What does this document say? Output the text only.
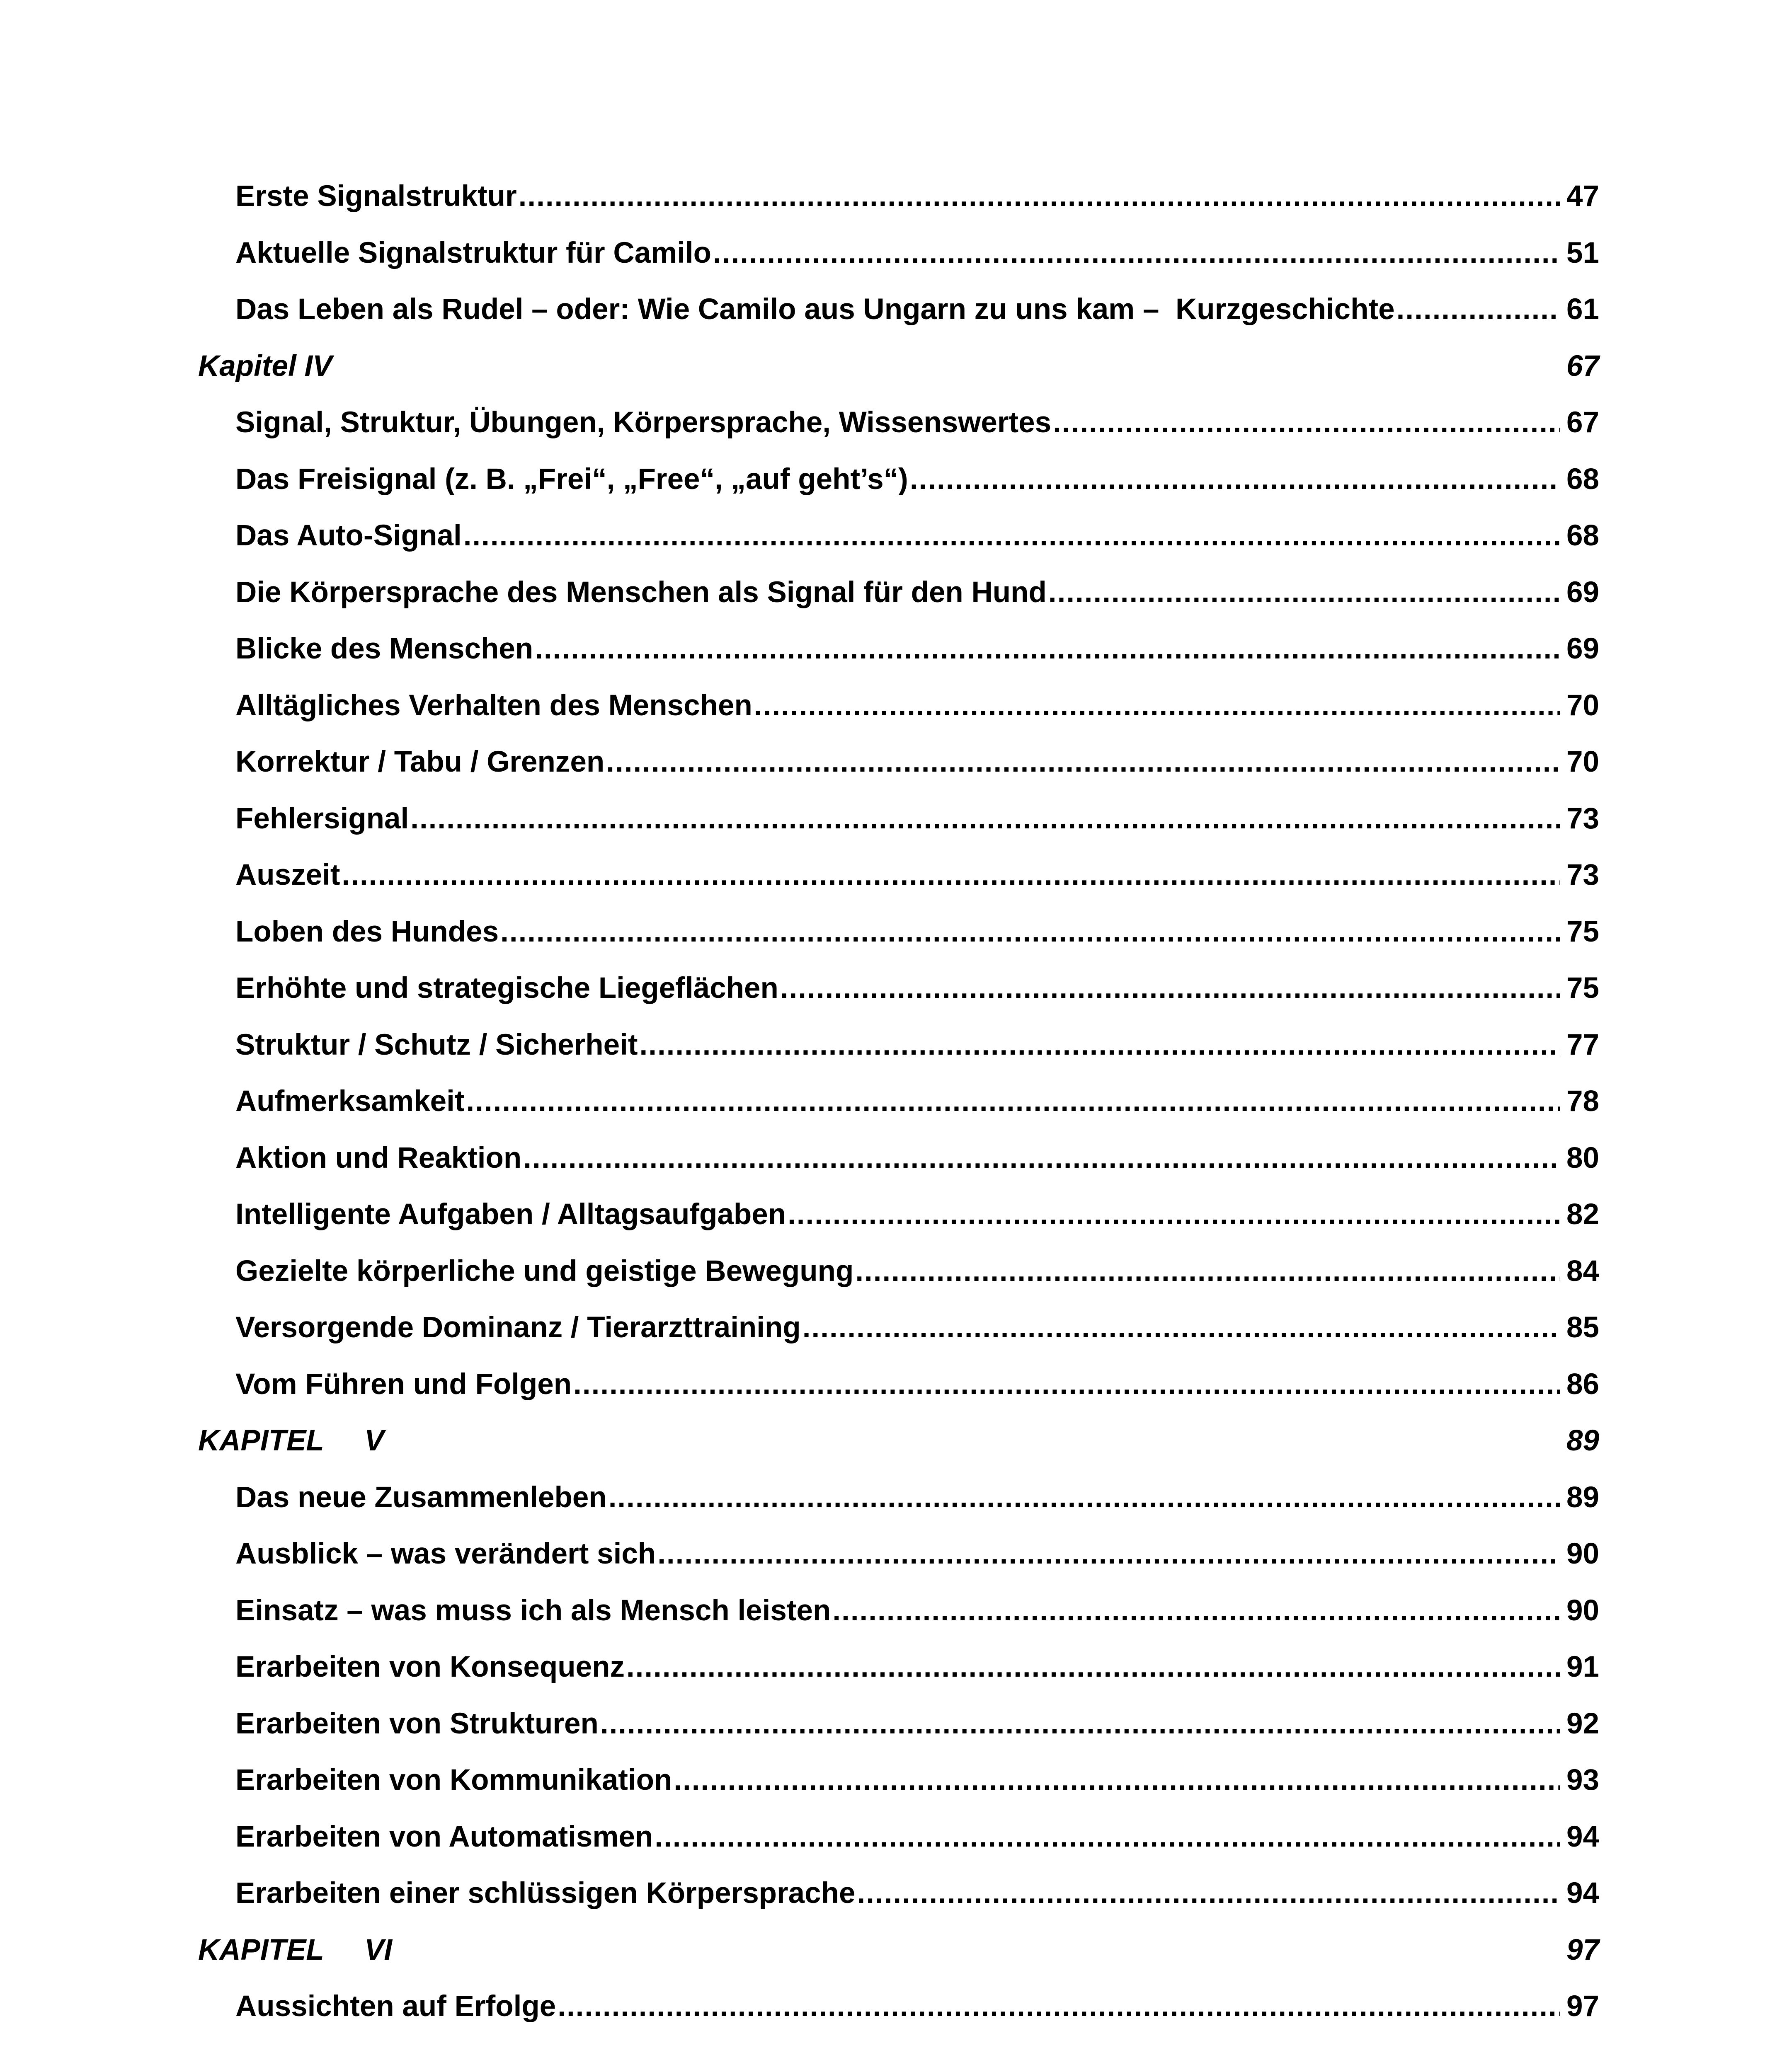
Erste Signalstruktur .....	47
Aktuelle Signalstruktur für Camilo .....	51
Das Leben als Rudel – oder: Wie Camilo aus Ungarn zu uns kam –  Kurzgeschichte .....	61
Kapitel IV	67
Signal, Struktur, Übungen, Körpersprache, Wissenswertes .....	67
Das Freisignal (z. B. „Frei“, „Free“, „auf geht’s“) .....	68
Das Auto-Signal .....	68
Die Körpersprache des Menschen als Signal für den Hund .....	69
Blicke des Menschen .....	69
Alltägliches Verhalten des Menschen .....	70
Korrektur / Tabu / Grenzen .....	70
Fehlersignal .....	73
Auszeit .....	73
Loben des Hundes .....	75
Erhöhte und strategische Liegeflächen .....	75
Struktur / Schutz / Sicherheit .....	77
Aufmerksamkeit .....	78
Aktion und Reaktion .....	80
Intelligente Aufgaben / Alltagsaufgaben .....	82
Gezielte körperliche und geistige Bewegung .....	84
Versorgende Dominanz / Tierarzttraining .....	85
Vom Führen und Folgen .....	86
KAPITEL     V	89
Das neue Zusammenleben .....	89
Ausblick – was verändert sich .....	90
Einsatz – was muss ich als Mensch leisten .....	90
Erarbeiten von Konsequenz .....	91
Erarbeiten von Strukturen .....	92
Erarbeiten von Kommunikation .....	93
Erarbeiten von Automatismen .....	94
Erarbeiten einer schlüssigen Körpersprache .....	94
KAPITEL     VI	97
Aussichten auf Erfolge .....	97
